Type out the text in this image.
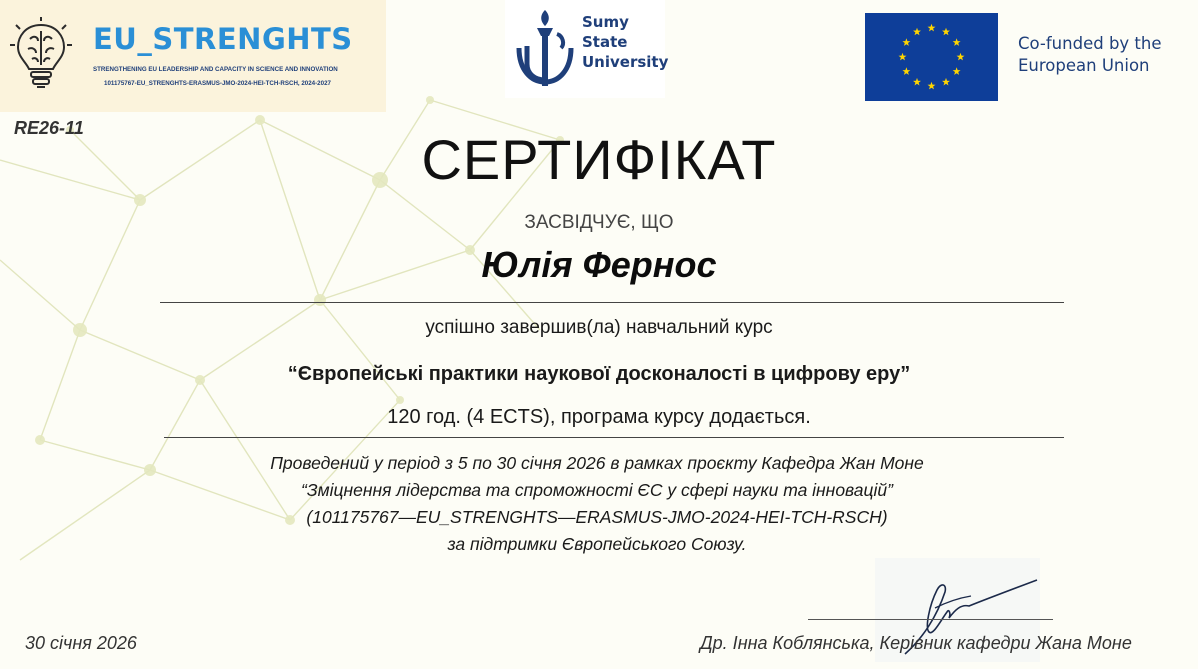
EU_STRENGHTS
STRENGTHENING EU LEADERSHIP AND CAPACITY IN SCIENCE AND INNOVATION
101175767-EU_STRENGHTS-ERASMUS-JMO-2024-HEI-TCH-RSCH, 2024-2027
Sumy
State
University
Co-funded by the
European Union
RE26-11	СЕРТИФІКАТ
ЗАСВІДЧУЄ, ЩО
Юлія Фернос
успішно завершив(ла) навчальний курс
“Європейські практики наукової досконалості в цифрову еру”
120 год. (4 ECTS), програма курсу додається.
Проведений у період з 5 по 30 січня 2026 в рамках проєкту Кафедра Жан Моне
“Зміцнення лідерства та спроможності ЄС у сфері науки та інновацій”
(101175767—EU_STRENGHTS—ERASMUS-JMO-2024-HEI-TCH-RSCH)
за підтримки Європейського Союзу.
30 січня 2026	Др. Інна Коблянська, Керівник кафедри Жана Моне
